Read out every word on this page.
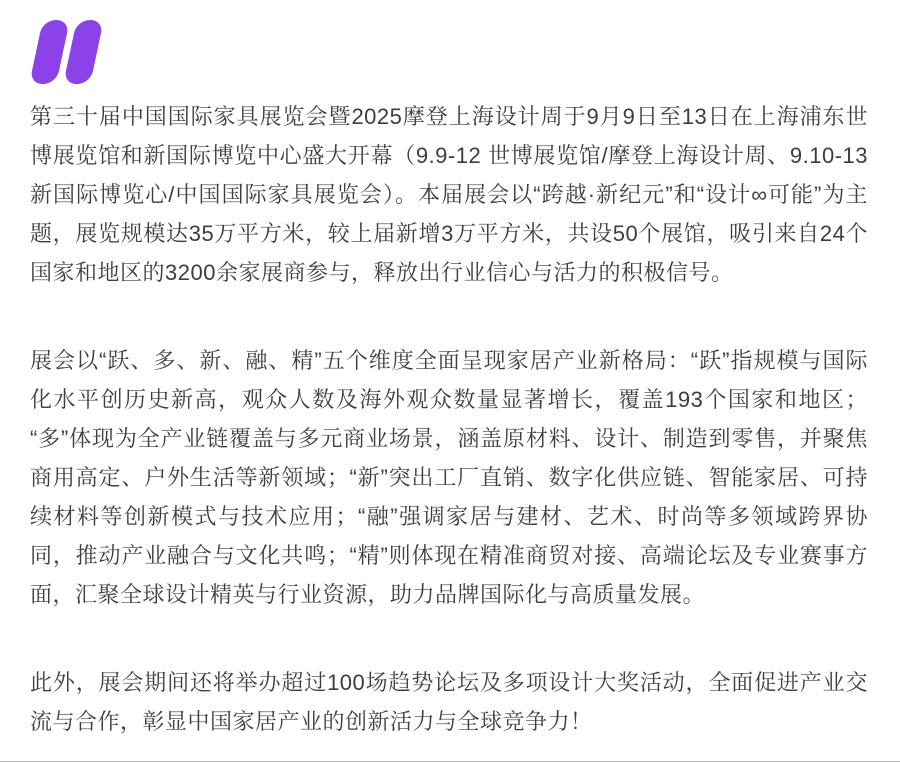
第三十届中国国际家具展览会暨2025摩登上海设计周于9月9日至13日在上海浦东世博展览馆和新国际博览中心盛大开幕（9.9-12 世博展览馆/摩登上海设计周、9.10-13 新国际博览心/中国国际家具展览会）。本届展会以“跨越·新纪元”和“设计∞可能”为主题，展览规模达35万平方米，较上届新增3万平方米，共设50个展馆，吸引来自24个国家和地区的3200余家展商参与，释放出行业信心与活力的积极信号。

展会以“跃、多、新、融、精”五个维度全面呈现家居产业新格局：“跃”指规模与国际化水平创历史新高，观众人数及海外观众数量显著增长，覆盖193个国家和地区；“多”体现为全产业链覆盖与多元商业场景，涵盖原材料、设计、制造到零售，并聚焦商用高定、户外生活等新领域；“新”突出工厂直销、数字化供应链、智能家居、可持续材料等创新模式与技术应用；“融”强调家居与建材、艺术、时尚等多领域跨界协同，推动产业融合与文化共鸣；“精”则体现在精准商贸对接、高端论坛及专业赛事方面，汇聚全球设计精英与行业资源，助力品牌国际化与高质量发展。

此外，展会期间还将举办超过100场趋势论坛及多项设计大奖活动，全面促进产业交流与合作，彰显中国家居产业的创新活力与全球竞争力！
